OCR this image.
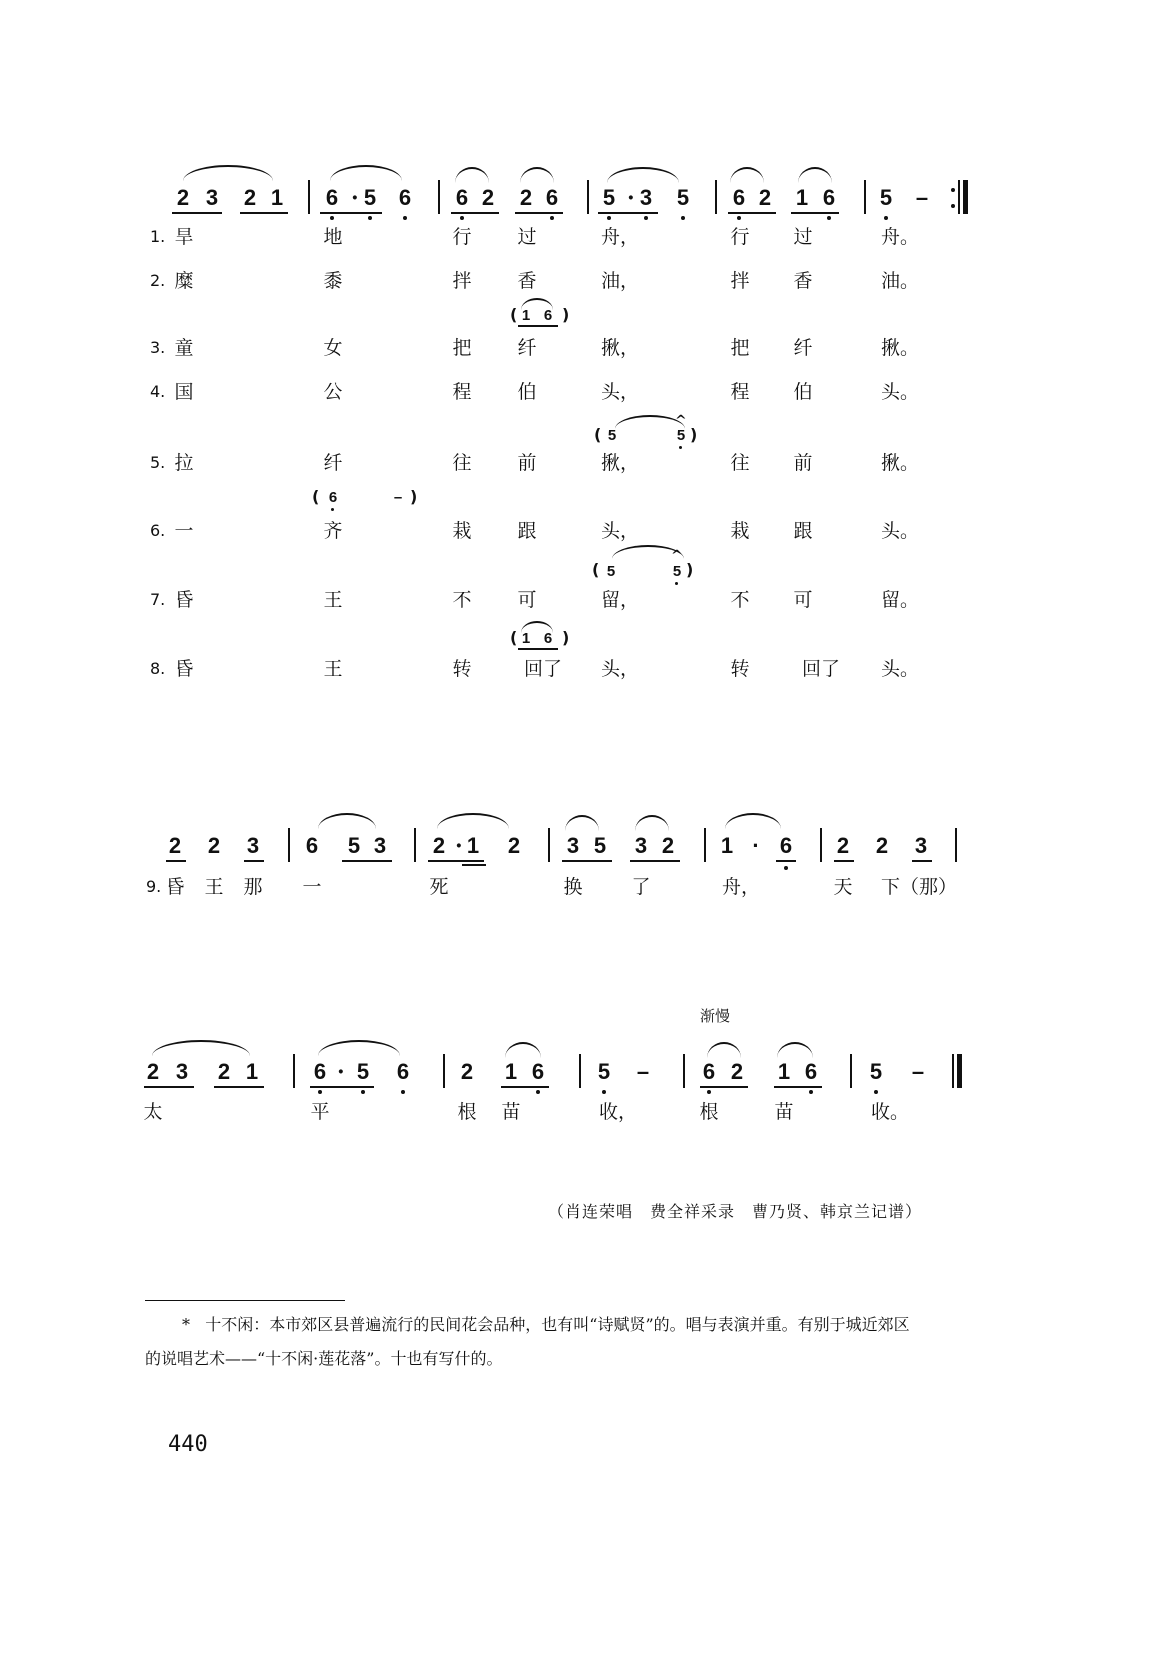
2 3 2 1 6 · 5 6 6 2 2 6 5 · 3 5 6 2 1 6 5 –
1. 旱	地	行 过	舟，	行 过	舟。
2. 糜	黍	拌 香	油，	拌 香	油。
( 1 6 )
3. 童	女	把 纤	揪，	把 纤	揪。
4. 国	公	程 伯	头，	程 伯	头。
( 5
^
5 )
5. 拉	纤	往 前	揪，	往 前	揪。
( 6	– )
6. 一	齐	栽 跟	头，	栽 跟	头。
( 5
^
5 )
7. 昏	王	不 可	留，	不 可	留。
( 1 6 )
8. 昏	王	转	回了	头，	转	回了	头。
2 2 3 6 5 3 2 · 1 2 3 5 3 2 1 · 6 2 2 3
9. 昏 王 那 一	死	换	了	舟，	天 下（那）
渐慢
2 3 2 1	6 · 5 6 2 1 6 5 – 6 2 1 6 5 –
太	平	根 苗	收，	根	苗	收。
（肖连荣唱　费全祥采录　曹乃贤、韩京兰记谱）
* 十不闲：本市郊区县普遍流行的民间花会品种，也有叫“诗赋贤”的。唱与表演并重。有别于城近郊区
的说唱艺术——“十不闲·莲花落”。十也有写什的。
440
